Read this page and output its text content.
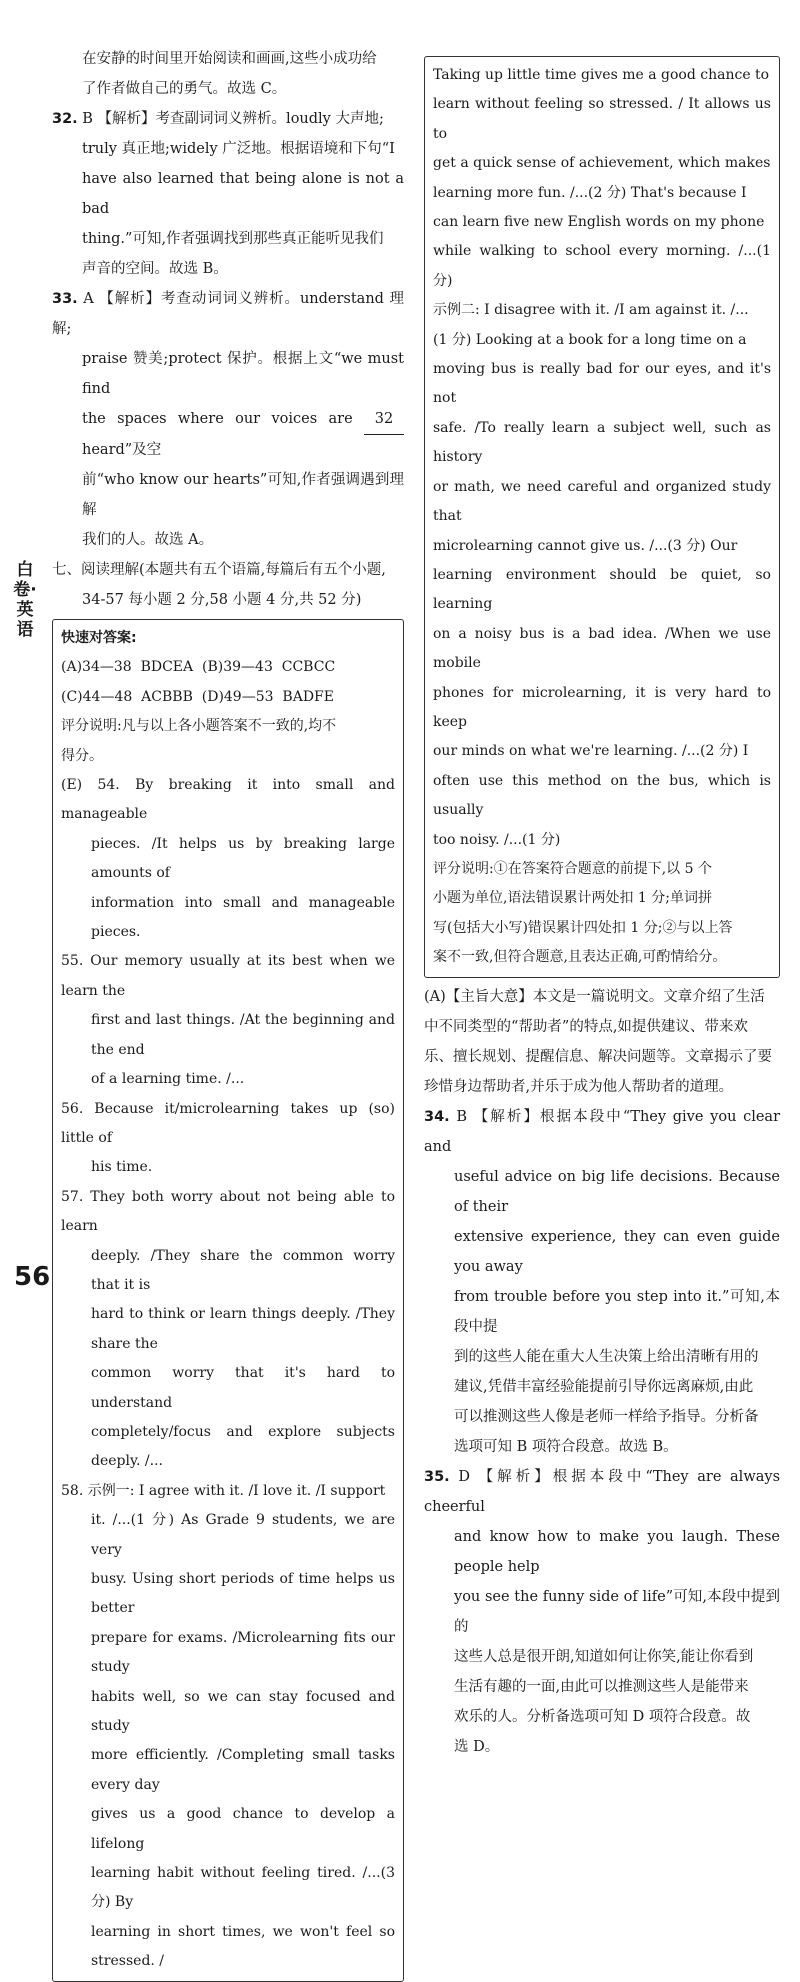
白卷·英语
56

在安静的时间里开始阅读和画画,这些小成功给

了作者做自己的勇气。故选 C。

32. B 【解析】考查副词词义辨析。loudly 大声地;

truly 真正地;widely 广泛地。根据语境和下句“I

have also learned that being alone is not a bad

thing.”可知,作者强调找到那些真正能听见我们

声音的空间。故选 B。

33. A 【解析】考查动词词义辨析。understand 理解;

praise 赞美;protect 保护。根据上文“we must find

the spaces where our voices are 32 heard”及空

前“who know our hearts”可知,作者强调遇到理解

我们的人。故选 A。

七、阅读理解(本题共有五个语篇,每篇后有五个小题,

34-57 每小题 2 分,58 小题 4 分,共 52 分)

快速对答案:

(A)34—38  BDCEA  (B)39—43  CCBCC

(C)44—48  ACBBB  (D)49—53  BADFE

评分说明:凡与以上各小题答案不一致的,均不

得分。

(E) 54. By breaking it into small and manageable

pieces. /It helps us by breaking large amounts of

information into small and manageable pieces.

55. Our memory usually at its best when we learn the

first and last things. /At the beginning and the end

of a learning time. /...

56. Because it/microlearning takes up (so) little of

his time.

57. They both worry about not being able to learn

deeply. /They share the common worry that it is

hard to think or learn things deeply. /They share the

common worry that it's hard to understand

completely/focus and explore subjects deeply. /...

58. 示例一: I agree with it. /I love it. /I support

it. /...(1 分) As Grade 9 students, we are very

busy. Using short periods of time helps us better

prepare for exams. /Microlearning fits our study

habits well, so we can stay focused and study

more efficiently. /Completing small tasks every day

gives us a good chance to develop a lifelong

learning habit without feeling tired. /...(3 分) By

learning in short times, we won't feel so stressed. /

Taking up little time gives me a good chance to

learn without feeling so stressed. / It allows us to

get a quick sense of achievement, which makes

learning more fun. /...(2 分) That's because I

can learn five new English words on my phone

while walking to school every morning. /...(1 分)

示例二: I disagree with it. /I am against it. /...

(1 分) Looking at a book for a long time on a

moving bus is really bad for our eyes, and it's not

safe. /To really learn a subject well, such as history

or math, we need careful and organized study that

microlearning cannot give us. /...(3 分) Our

learning environment should be quiet, so learning

on a noisy bus is a bad idea. /When we use mobile

phones for microlearning, it is very hard to keep

our minds on what we're learning. /...(2 分) I

often use this method on the bus, which is usually

too noisy. /...(1 分)

评分说明:①在答案符合题意的前提下,以 5 个

小题为单位,语法错误累计两处扣 1 分;单词拼

写(包括大小写)错误累计四处扣 1 分;②与以上答

案不一致,但符合题意,且表达正确,可酌情给分。

(A)【主旨大意】本文是一篇说明文。文章介绍了生活

中不同类型的“帮助者”的特点,如提供建议、带来欢

乐、擅长规划、提醒信息、解决问题等。文章揭示了要

珍惜身边帮助者,并乐于成为他人帮助者的道理。

34. B 【解析】根据本段中“They give you clear and

useful advice on big life decisions. Because of their

extensive experience, they can even guide you away

from trouble before you step into it.”可知,本段中提

到的这些人能在重大人生决策上给出清晰有用的

建议,凭借丰富经验能提前引导你远离麻烦,由此

可以推测这些人像是老师一样给予指导。分析备

选项可知 B 项符合段意。故选 B。

35. D 【解析】根据本段中“They are always cheerful

and know how to make you laugh. These people help

you see the funny side of life”可知,本段中提到的

这些人总是很开朗,知道如何让你笑,能让你看到

生活有趣的一面,由此可以推测这些人是能带来

欢乐的人。分析备选项可知 D 项符合段意。故

选 D。
